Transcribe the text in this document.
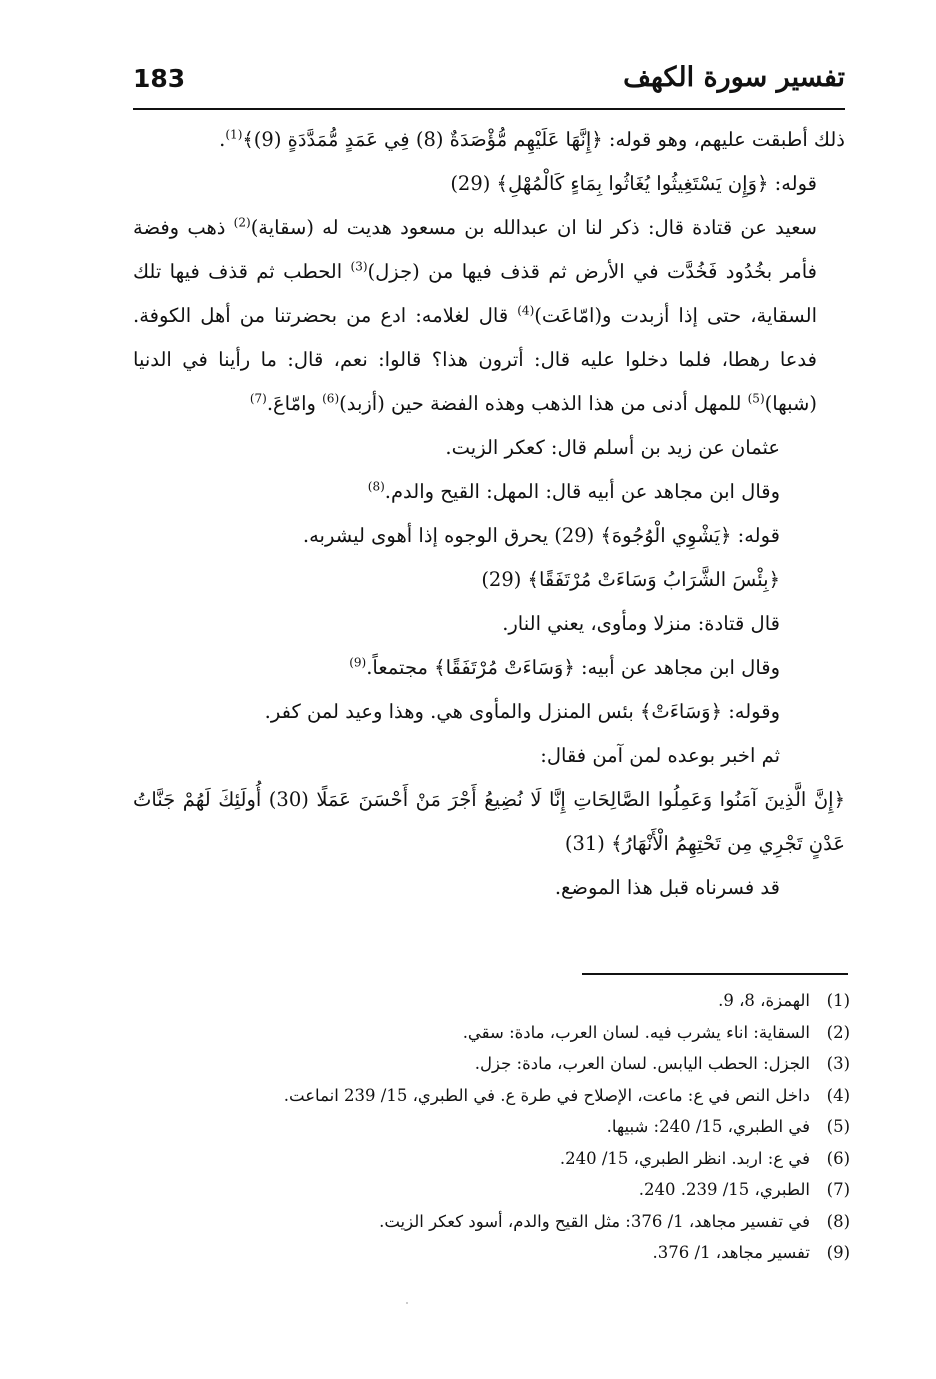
تفسير سورة الكهف
183

ذلك أطبقت عليهم، وهو قوله: ﴿إِنَّهَا عَلَيْهِم مُّؤْصَدَةٌ (8) فِي عَمَدٍ مُّمَدَّدَةٍ (9)﴾$^{(1)}$.

قوله: ﴿وَإِن يَسْتَغِيثُوا يُغَاثُوا بِمَاءٍ كَالْمُهْلِ﴾ (29)

سعيد عن قتادة قال: ذكر لنا ان عبدالله بن مسعود هديت له (سقاية)$^{(2)}$ ذهب وفضة فأمر بخُدُود فَخُدَّت في الأرض ثم قذف فيها من (جزل)$^{(3)}$ الحطب ثم قذف فيها تلك السقاية، حتى إذا أزبدت و(امّاعَت)$^{(4)}$ قال لغلامه: ادع من بحضرتنا من أهل الكوفة. فدعا رهطا، فلما دخلوا عليه قال: أترون هذا؟ قالوا: نعم، قال: ما رأينا في الدنيا (شبها)$^{(5)}$ للمهل أدنى من هذا الذهب وهذه الفضة حين (أزبد)$^{(6)}$ وامّاعَ.$^{(7)}$

عثمان عن زيد بن أسلم قال: كعكر الزيت.

وقال ابن مجاهد عن أبيه قال: المهل: القيح والدم.$^{(8)}$

قوله: ﴿يَشْوِي الْوُجُوهَ﴾ (29) يحرق الوجوه إذا أهوى ليشربه.

﴿بِئْسَ الشَّرَابُ وَسَاءَتْ مُرْتَفَقًا﴾ (29)

قال قتادة: منزلا ومأوى، يعني النار.

وقال ابن مجاهد عن أبيه: ﴿وَسَاءَتْ مُرْتَفَقًا﴾ مجتمعاً.$^{(9)}$

وقوله: ﴿وَسَاءَتْ﴾ بئس المنزل والمأوى هي. وهذا وعيد لمن كفر.

ثم اخبر بوعده لمن آمن فقال:

﴿إِنَّ الَّذِينَ آمَنُوا وَعَمِلُوا الصَّالِحَاتِ إِنَّا لَا نُضِيعُ أَجْرَ مَنْ أَحْسَنَ عَمَلًا (30) أُولَئِكَ لَهُمْ جَنَّاتُ عَدْنٍ تَجْرِي مِن تَحْتِهِمُ الْأَنْهَارُ﴾ (31)

قد فسرناه قبل هذا الموضع.

(1)الهمزة، 8، 9.
(2)السقاية: اناء يشرب فيه. لسان العرب، مادة: سقي.
(3)الجزل: الحطب اليابس. لسان العرب، مادة: جزل.
(4)داخل النص في ع: ماعت، الإصلاح في طرة ع. في الطبري، 15/ 239 انماعت.
(5)في الطبري، 15/ 240: شبيها.
(6)في ع: اربد. انظر الطبري، 15/ 240.
(7)الطبري، 15/ 239. 240.
(8)في تفسير مجاهد، 1/ 376: مثل القيح والدم، أسود كعكر الزيت.
(9)تفسير مجاهد، 1/ 376.
